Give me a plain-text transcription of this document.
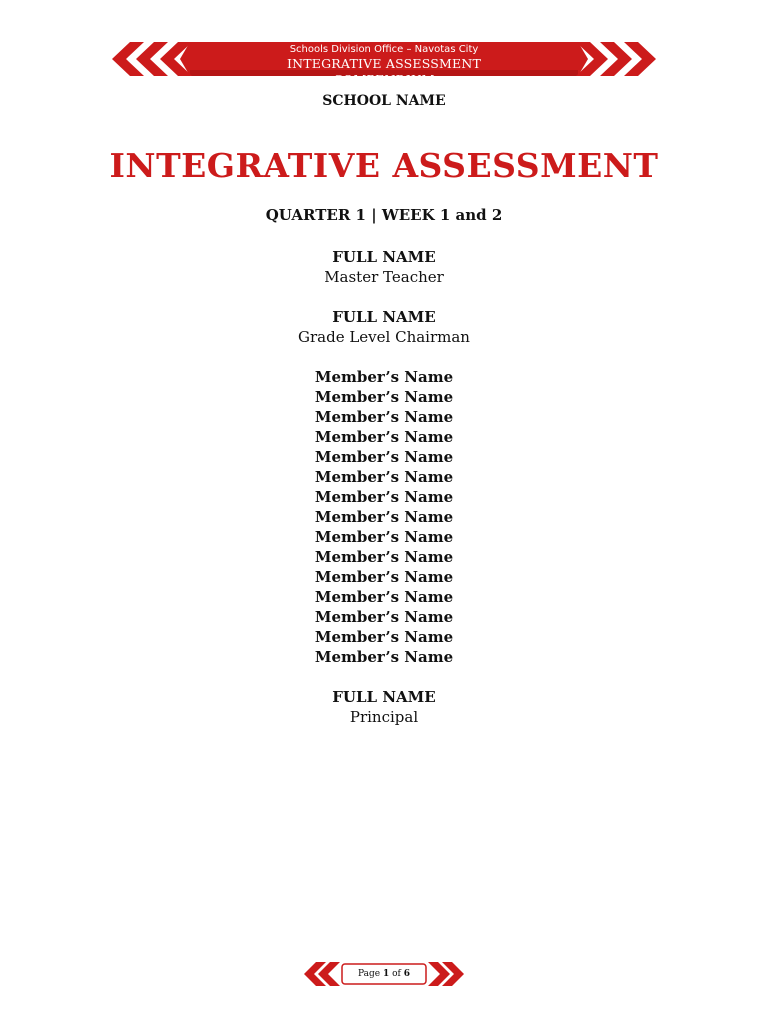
Schools Division Office – Navotas City
INTEGRATIVE ASSESSMENT COMPENDIUM
SCHOOL NAME
INTEGRATIVE ASSESSMENT
QUARTER 1 | WEEK 1 and 2
FULL NAME
Master Teacher
FULL NAME
Grade Level Chairman
Member’s Name
Member’s Name
Member’s Name
Member’s Name
Member’s Name
Member’s Name
Member’s Name
Member’s Name
Member’s Name
Member’s Name
Member’s Name
Member’s Name
Member’s Name
Member’s Name
Member’s Name
FULL NAME
Principal
Page 1 of 6
